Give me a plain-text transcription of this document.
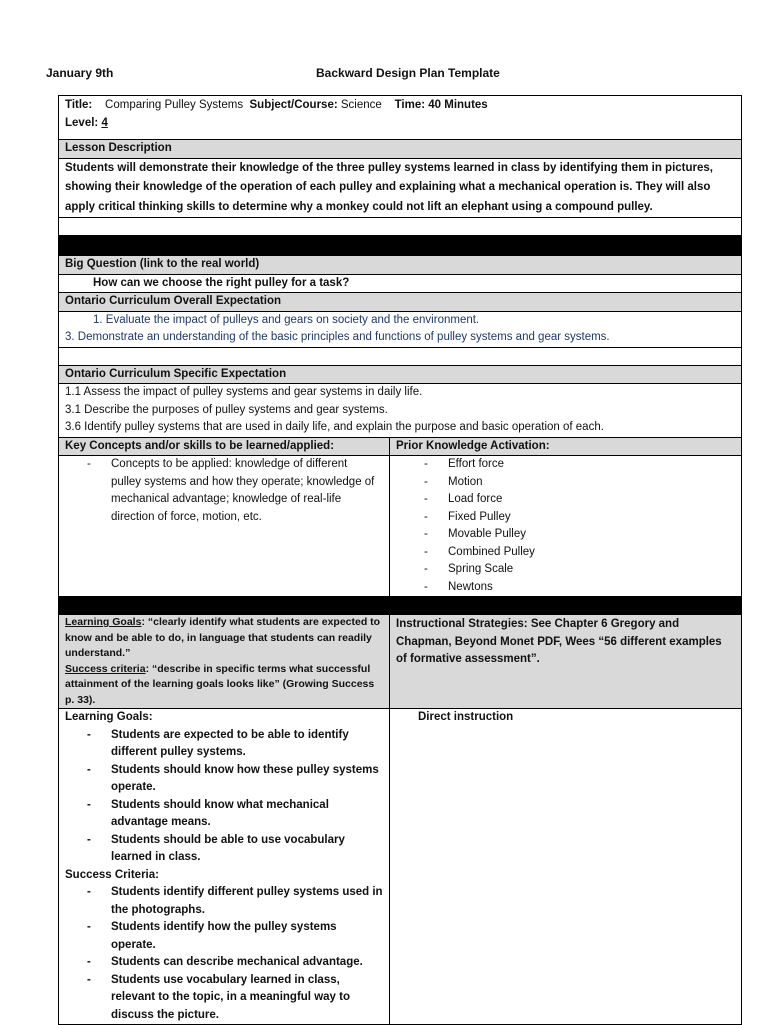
January 9th	Backward Design Plan Template
Title: Comparing Pulley Systems Subject/Course: Science Time: 40 Minutes
Level: 4
Lesson Description
Students will demonstrate their knowledge of the three pulley systems learned in class by identifying them in pictures, showing their knowledge of the operation of each pulley and explaining what a mechanical operation is. They will also apply critical thinking skills to determine why a monkey could not lift an elephant using a compound pulley.
Big Question (link to the real world)
How can we choose the right pulley for a task?
Ontario Curriculum Overall Expectation
1. Evaluate the impact of pulleys and gears on society and the environment.
3. Demonstrate an understanding of the basic principles and functions of pulley systems and gear systems.
Ontario Curriculum Specific Expectation
1.1 Assess the impact of pulley systems and gear systems in daily life.
3.1 Describe the purposes of pulley systems and gear systems.
3.6 Identify pulley systems that are used in daily life, and explain the purpose and basic operation of each.
Key Concepts and/or skills to be learned/applied:	Prior Knowledge Activation:
- Concepts to be applied: knowledge of different pulley systems and how they operate; knowledge of mechanical advantage; knowledge of real-life direction of force, motion, etc.
- Effort force
- Motion
- Load force
- Fixed Pulley
- Movable Pulley
- Combined Pulley
- Spring Scale
- Newtons
Learning Goals: “clearly identify what students are expected to know and be able to do, in language that students can readily understand.”
Success criteria: “describe in specific terms what successful attainment of the learning goals looks like” (Growing Success p. 33).
Instructional Strategies: See Chapter 6 Gregory and Chapman, Beyond Monet PDF, Wees “56 different examples of formative assessment”.
Learning Goals:
- Students are expected to be able to identify different pulley systems.
- Students should know how these pulley systems operate.
- Students should know what mechanical advantage means.
- Students should be able to use vocabulary learned in class.
Success Criteria:
- Students identify different pulley systems used in the photographs.
- Students identify how the pulley systems operate.
- Students can describe mechanical advantage.
- Students use vocabulary learned in class, relevant to the topic, in a meaningful way to discuss the picture.
Direct instruction
